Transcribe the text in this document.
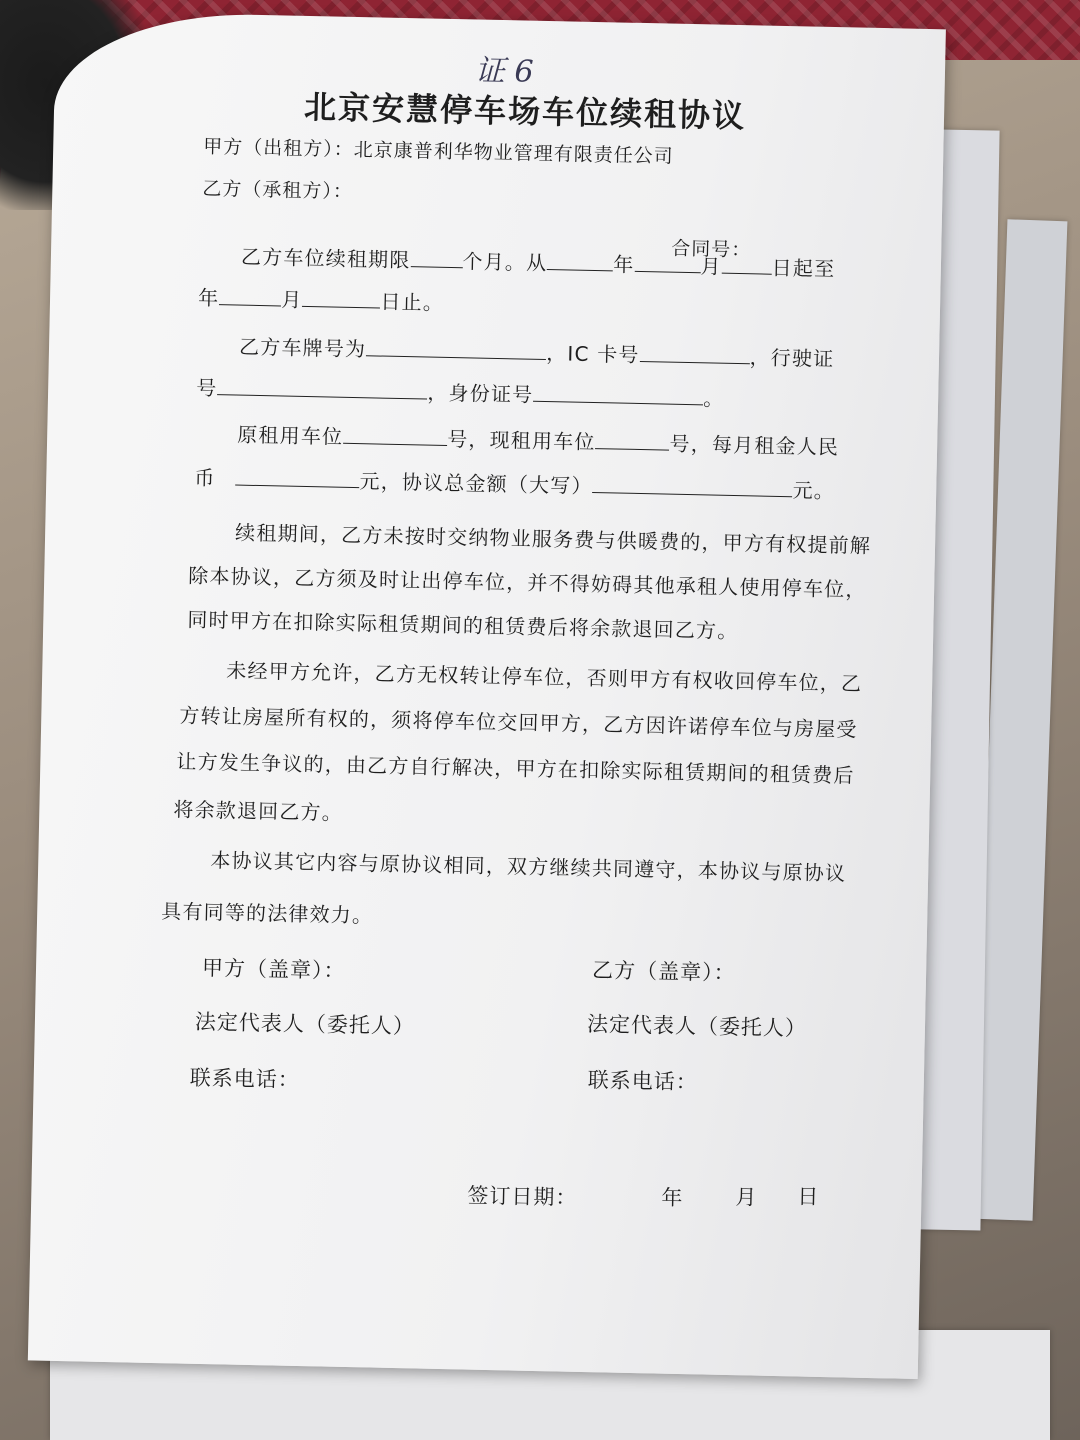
证 6
北京安慧停车场车位续租协议
甲方（出租方）：北京康普利华物业管理有限责任公司
乙方（承租方）：
合同号：
乙方车位续租期限	个月。从	年	月 日起至
年	月	日止。
乙方车牌号为	，IC 卡号	，行驶证
号	，身份证号	。
原租用车位	号，现租用车位	号，每月租金人民
币	元，协议总金额（大写）	元。
续租期间，乙方未按时交纳物业服务费与供暖费的，甲方有权提前解
除本协议，乙方须及时让出停车位，并不得妨碍其他承租人使用停车位，
同时甲方在扣除实际租赁期间的租赁费后将余款退回乙方。
未经甲方允许，乙方无权转让停车位，否则甲方有权收回停车位，乙
方转让房屋所有权的，须将停车位交回甲方，乙方因许诺停车位与房屋受
让方发生争议的，由乙方自行解决，甲方在扣除实际租赁期间的租赁费后
将余款退回乙方。
本协议其它内容与原协议相同，双方继续共同遵守，本协议与原协议
具有同等的法律效力。
甲方（盖章）：	乙方（盖章）：
法定代表人（委托人）	法定代表人（委托人）
联系电话：	联系电话：
签订日期：	年 月 日
